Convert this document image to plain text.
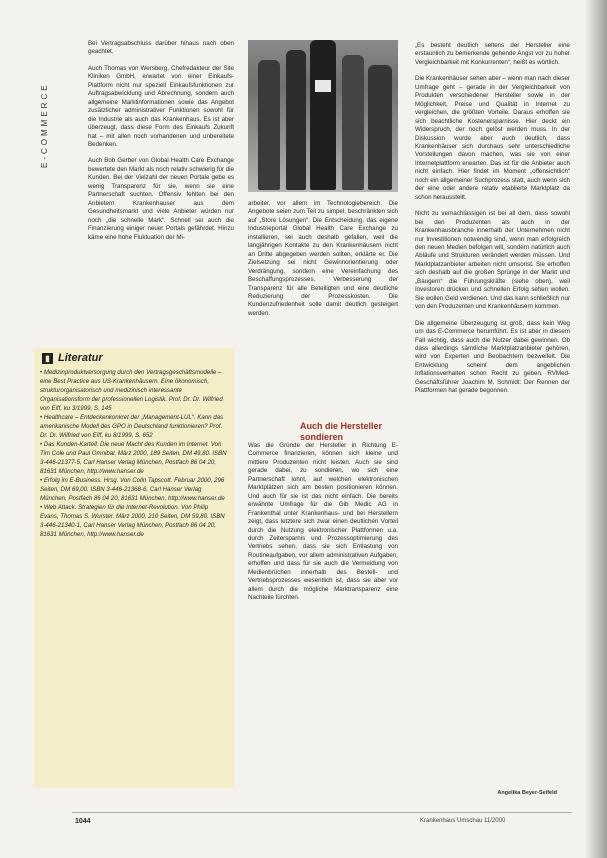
E-COMMERCE

Bei Vertragsabschluss darüber hinaus nach oben geachtet.

Auch Thomas von Wersberg, Chefredakteur der Site Kliniken GmbH, erwartet von einer Einkaufs-Plattform nicht nur speziell Einkaufsfunktionen zur Auftragsabwicklung und Abrechnung, sondern auch allgemeine Marktinformationen sowie das Angebot zusätzlicher administrativer Funktionen sowohl für die Industrie als auch das Krankenhaus. Es ist aber überzeugt, dass diese Form des Einkaufs Zukunft hat – mit allen noch vorhandenen und unbereitete Bedenken.

Auch Bob Gerber von Global Health Care Exchange bewertete den Markt als noch relativ schwierig für die Kunden. Bei der Vielzahl der neuen Portale gebe es wenig Transparenz für sie, wenn sie eine Partnerschaft suchten. Offensiv fehlten bei den Anbietern Krankenhauser aus dem Gesundheitsmarkt und viele Anbieter würden nur noch „die schnelle Mark“. Schnell sei auch die Finanzierung einiger neuer Portals gefährdet. Hinzu käme eine hohe Fluktuation der Mi-

arbeiter, vor allem im Technologiebereich. Die Angebote seien zum Teil zu simpel, beschränkten sich auf „Store Lösungen“. Die Entscheidung, das eigene Industrieportal Global Health Care Exchange zu installieren, sei auch deshalb gefallen, weil die langjährigen Kontakte zu den Krankenhäusern nicht an Dritte abgegeben werden sollten, erklärte er. Die Zielsetzung sei nicht Gewinnorientierung oder Verdrängung, sondern eine Vereinfachung des Beschaffungsprozesses. Verbesserung der Transparenz für alle Beteiligten und eine deutliche Reduzierung der Prozesskosten. Die Kundenzufriedenheit solle damit deutlich gesteigert werden.

Auch die Hersteller sondieren

Was die Gründe der Hersteller in Richtung E-Commerce finanzieren, können sich kleine und mittlere Produzenten nicht leisten. Auch sie sind gerade dabei, zu sondieren, wo sich eine Partnerschaft lohnt, auf welchen elektronischen Marktplätzen sich am besten positionieren können. Und auch für sie ist das nicht einfach. Die bereits erwähnte Umfrage für die Gib Medic AG in Frankenthal unter Krankenhaus- und bei Herstellern zeigt, dass letztere sich zwar einen deutlichen Vorteil durch die Nutzung elektronischer Plattformen u.a. durch Zeitersparnis und Prozessoptimierung des Vertriebs sehen, dass sie sich Entlastung von Routineaufgaben, vor allem administrativen Aufgaben, erhoffen und dass für sie auch die Vermeidung von Medienbrüchen innerhalb des Bestell- und Vertriebsprozesses wesentlich ist, dass sie aber vor allem durch die mögliche Marktransparenz eine Nachteile fürchten.

„Es besteht deutlich seltens der Hersteller eine erstaunlich zu bemerkende gehende Angst vor zu hoher Vergleichbarkeit mit Konkurrenten“, heißt es wörtlich.

Die Krankenhäuser sehen aber – wenn man nach dieser Umfrage geht – gerade in der Vergleichbarkeit von Produkten verschiedener Hersteller sowie in der Möglichkeit, Preise und Qualität in Internet zu vergleichen, die größten Vorteile. Daraus erhoffen sie sich beachtliche Kostenersparnisse. Hier deckt ein Widerspruch, der noch gelöst werden muss. In der Diskussion wurde aber auch deutlich, dass Krankenhäuser sich durchaus sehr unterschiedliche Vorstellungen davon machen, was sie von einer Internetplattform erwarten. Das ist für die Anbieter auch nicht einfach. Hier findet im Moment „offensichtlich“ noch ein allgemeiner Suchprozess statt, auch wenn sich der eine oder andere relativ etablierte Marktplatz da schon herausstellt.

Nicht zu vernachlässigen ist bei all dem, dass sowohl bei den Produzenten als auch in der Krankenhausbranche innerhalb der Unternehmen nicht nur Investitionen notwendig sind, wenn man erfolgreich den neuen Medien befolgen will, sondern natürlich auch Abläufe und Strukturen verändert werden müssen. Und Marktplatzanbieter arbeiten nicht umsonst. Sie erhoffen sich deshalb auf die großen Sprünge in der Markt und „Baugern“ die Führungskräfte (siehe oben), weil Investoren drücken und schnellen Erfolg sehen wollen. Sie wollen Geld verdienen. Und das kann schließlich nur von den Produzenten und Krankenhäusern kommen.

Die allgemeine Überzeugung ist groß, dass kein Weg um das E-Commerce herumführt. Es ist aber in diesem Fall wichtig, dass auch die Nutzer dabei gewinnen. Ob dass allerdings sämtliche Marktplatzanbieter gehören, wird von Experten und Beobachtern bezweifelt. Die Entwicklung scheint dem angeblichen Inflationsverhalten schon Recht zu geben. RVMed-Geschäftsführer Joachim M. Schmidt: Der Rennen der Plattformen hat gerade begonnen.

Angelika Beyer-Seifeld
▮ Literatur
• Medizinproduktversorgung durch den Vertragsgeschäftsmodelle – eine Best Practice aus US-Krankenhäusern. Eine ökonomisch, strukturorganisatorisch und medizinisch interessante Organisationsform der professionellen Logistik. Prof. Dr. Dr. Wilfried von Eiff, ku 3/1999, S. 145
• Healthcare – Entdeckenkonkret der „Management-LUL“. Kann das amerikanische Modell des GPO in Deutschland funktionieren? Prof. Dr. Dr. Wilfried von Eiff, ku 8/1999, S. 652
• Das Kunden-Kartell: Die neue Macht des Kunden im Internet. Von Tim Cole und Paul Omnibal. März 2000, 189 Seiten, DM 49,80. ISBN 3-446-21377-5, Carl Hanser Verlag München, Postfach 86 04 20, 81631 München, http://www.hanser.de
• Erfolg im E-Business. Hrsg. Von Colin Tapscott. Februar 2000, 296 Seiten, DM 69,00. ISBN 3-446-21368-6, Carl Hanser Verlag München, Postfach 86 04 20, 81631 München, http://www.hanser.de
• Web Attack. Strategien für die Internet-Revolution. Von Philip Evans, Thomas S. Wurster. März 2000, 210 Seiten, DM 59,80. ISBN 3-446-21340-1, Carl Hanser Verlag München, Postfach 86 04 20, 81631 München, http://www.hanser.de
1044	Krankenhaus Umschau 11/2000
